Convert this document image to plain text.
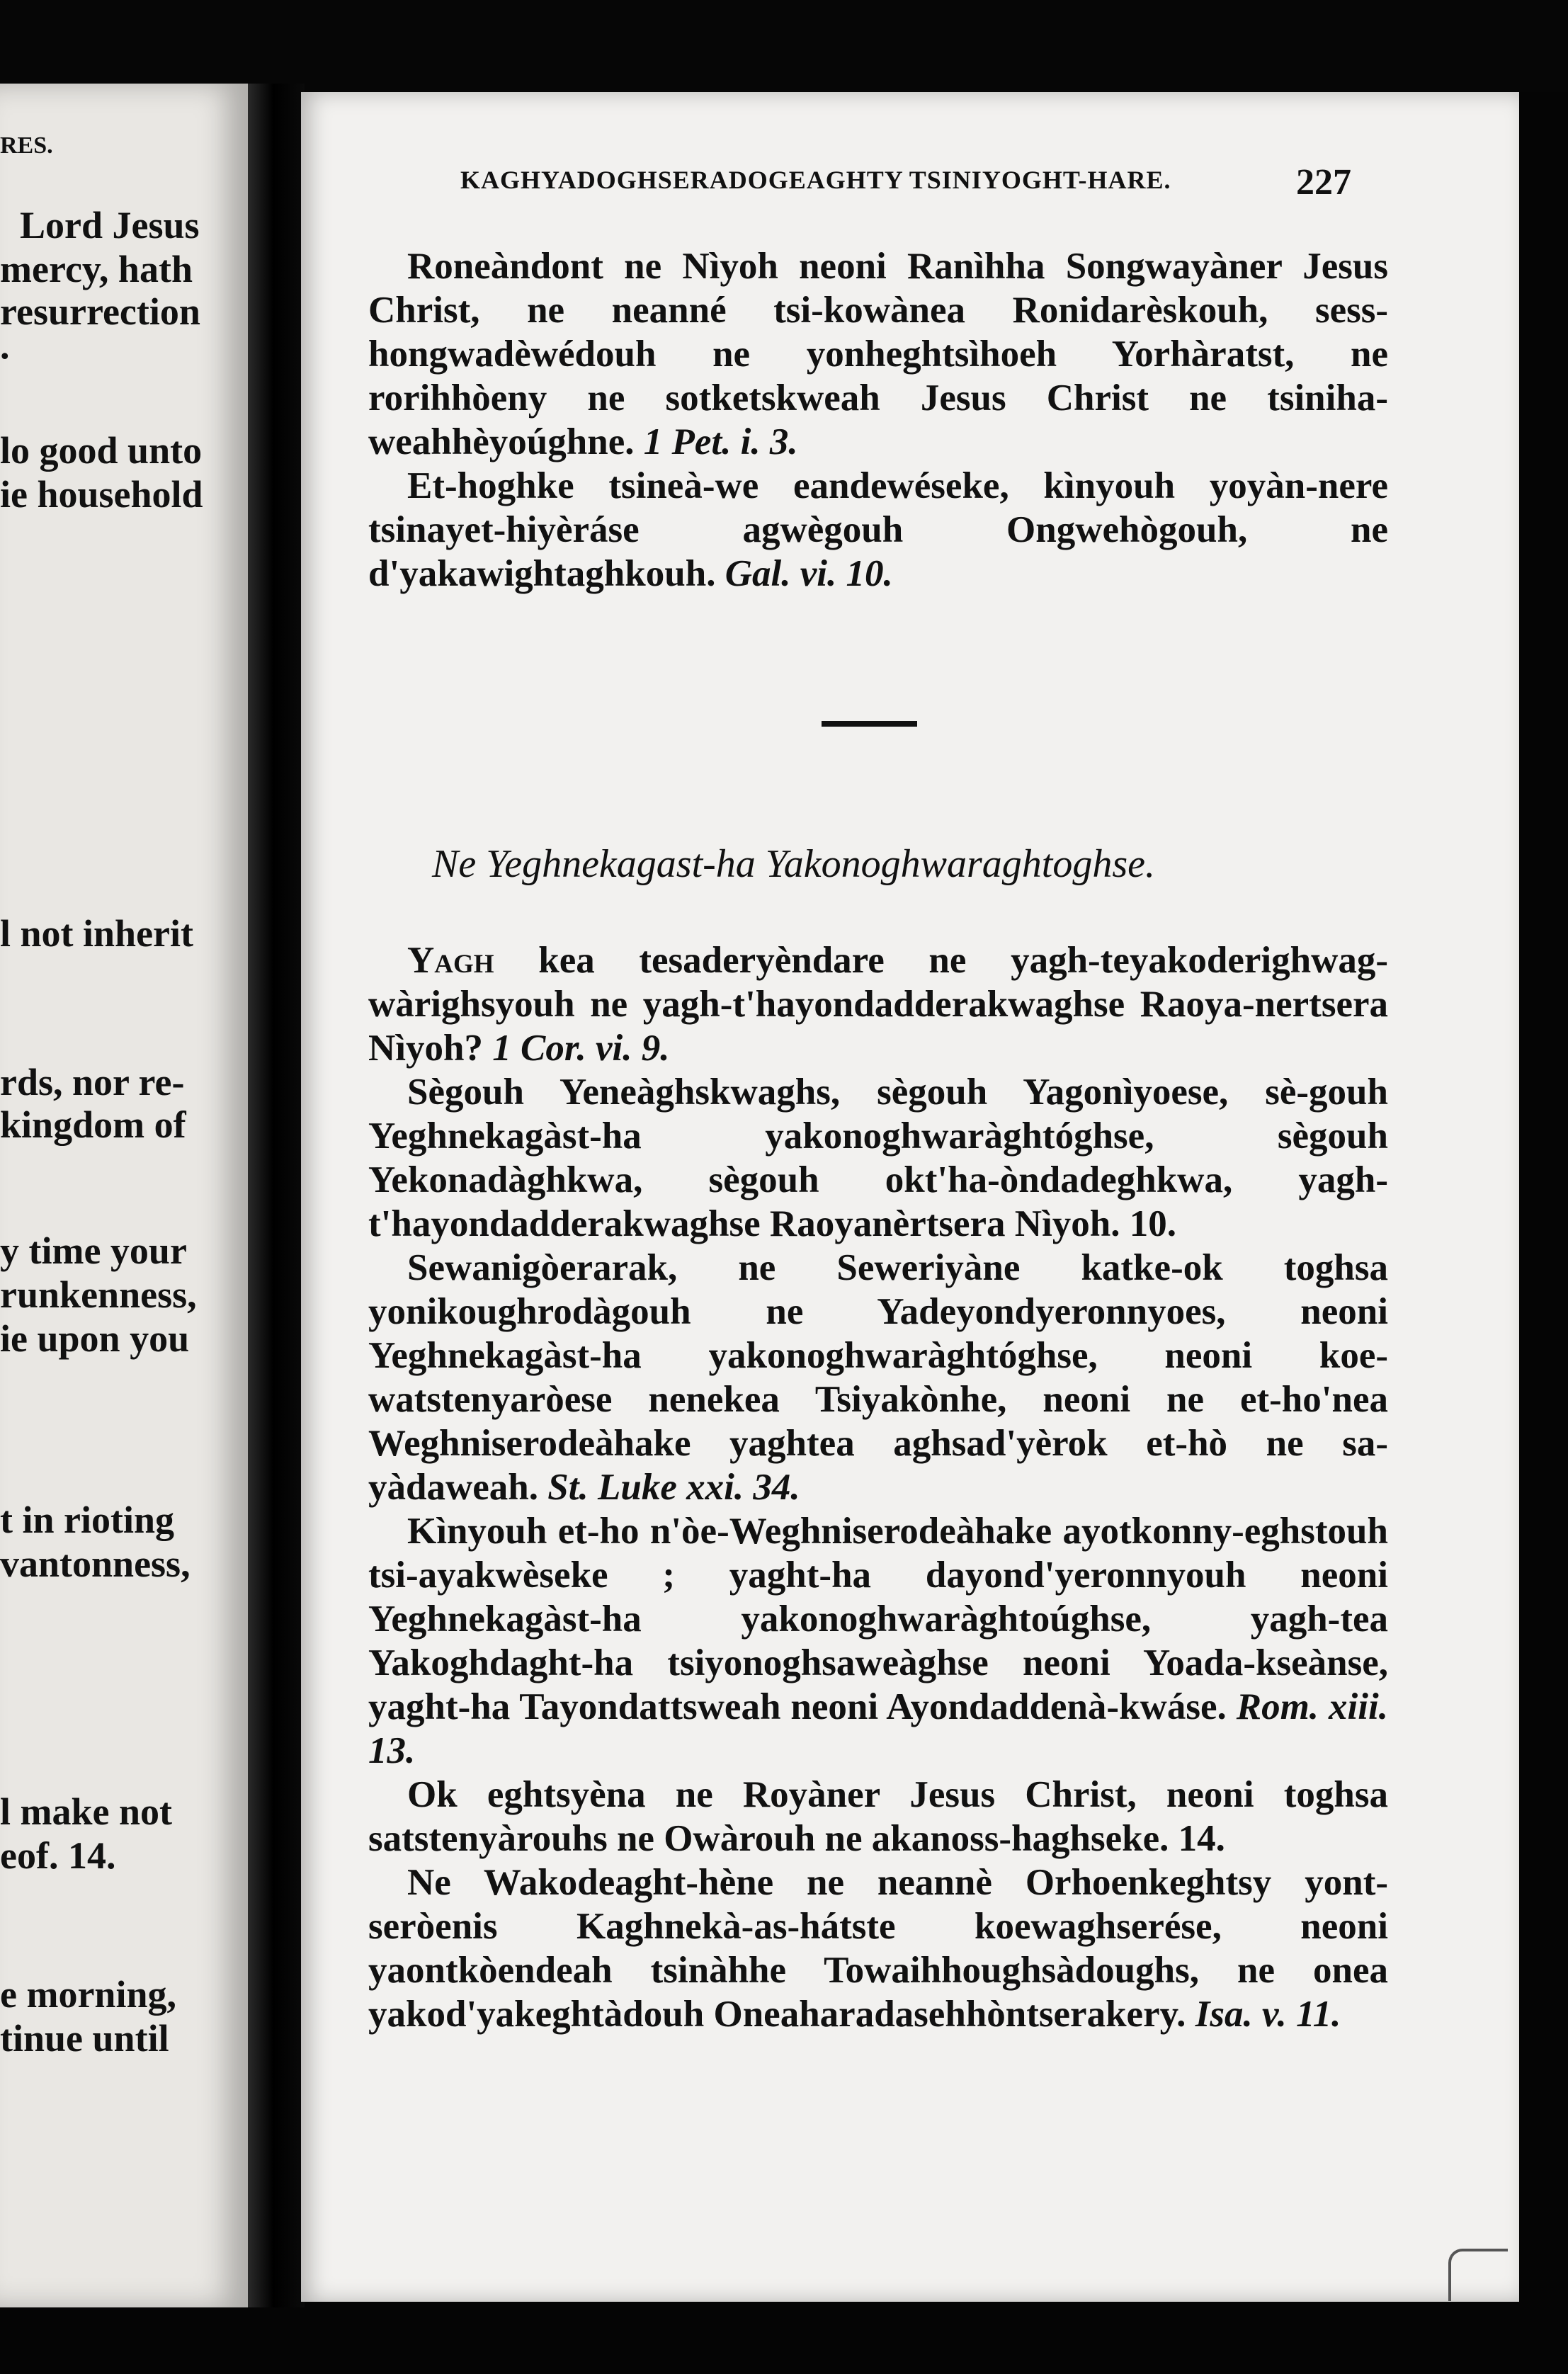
RES.
Lord Jesus
mercy, hath
resurrection
.
lo good unto
ie household
l not inherit
rds, nor re-
kingdom of
y time your
runkenness,
ie upon you
t in rioting
vantonness,
l make not
eof. 14.
e morning,
tinue until
KAGHYADOGHSERADOGEAGHTY TSINIYOGHT-HARE.	227

Roneàndont ne Nìyoh neoni Ranìhha Songwayàner Jesus Christ, ne neanné tsi-kowànea Ronidarèskouh, sess-hongwadèwédouh ne yonheghtsìhoeh Yorhàratst, ne rorihhòeny ne sotketskweah Jesus Christ ne tsiniha-weahhèyoúghne. 1 Pet. i. 3.

Et-hoghke tsineà-we eandewéseke, kìnyouh yoyàn-nere tsinayet-hiyèráse agwègouh Ongwehògouh, ne d'yakawightaghkouh. Gal. vi. 10.

Ne Yeghnekagast-ha Yakonoghwaraghtoghse.

Yagh kea tesaderyèndare ne yagh-teyakoderighwag-wàrighsyouh ne yagh-t'hayondadderakwaghse Raoya-nertsera Nìyoh? 1 Cor. vi. 9.

Sègouh Yeneàghskwaghs, sègouh Yagonìyoese, sè-gouh Yeghnekagàst-ha yakonoghwaràghtóghse, sègouh Yekonadàghkwa, sègouh okt'ha-òndadeghkwa, yagh-t'hayondadderakwaghse Raoyanèrtsera Nìyoh. 10.

Sewanigòerarak, ne Seweriyàne katke-ok toghsa yonikoughrodàgouh ne Yadeyondyeronnyoes, neoni Yeghnekagàst-ha yakonoghwaràghtóghse, neoni koe-watstenyaròese nenekea Tsiyakònhe, neoni ne et-ho'nea Weghniserodeàhake yaghtea aghsad'yèrok et-hò ne sa-yàdaweah. St. Luke xxi. 34.

Kìnyouh et-ho n'òe-Weghniserodeàhake ayotkonny-eghstouh tsi-ayakwèseke ; yaght-ha dayond'yeronnyouh neoni Yeghnekagàst-ha yakonoghwaràghtoúghse, yagh-tea Yakoghdaght-ha tsiyonoghsaweàghse neoni Yoada-kseànse, yaght-ha Tayondattsweah neoni Ayondaddenà-kwáse. Rom. xiii. 13.

Ok eghtsyèna ne Royàner Jesus Christ, neoni toghsa satstenyàrouhs ne Owàrouh ne akanoss-haghseke. 14.

Ne Wakodeaght-hène ne neannè Orhoenkeghtsy yont-seròenis Kaghnekà-as-hátste koewaghserése, neoni yaontkòendeah tsinàhhe Towaihhoughsàdoughs, ne onea yakod'yakeghtàdouh Oneaharadasehhòntserakery. Isa. v. 11.
